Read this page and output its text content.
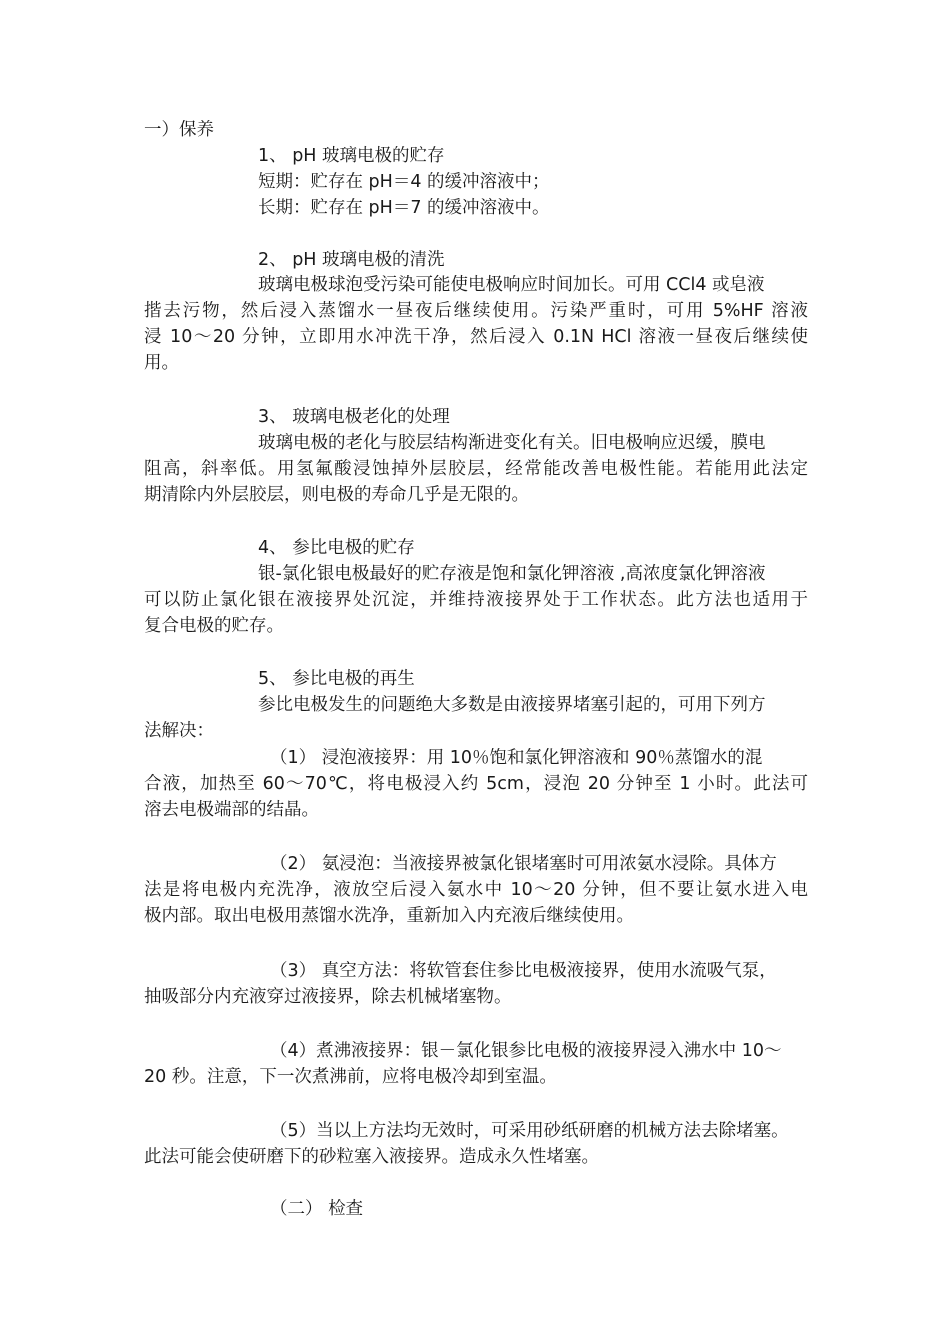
一）保养
1、 pH 玻璃电极的贮存
短期：贮存在 pH＝4 的缓冲溶液中；
长期：贮存在 pH＝7 的缓冲溶液中。
2、 pH 玻璃电极的清洗
玻璃电极球泡受污染可能使电极响应时间加长。可用 CCl4 或皂液
揩去污物，然后浸入蒸馏水一昼夜后继续使用。污染严重时，可用 5%HF 溶液
浸 10～20 分钟，立即用水冲洗干净，然后浸入 0.1N HCl 溶液一昼夜后继续使
用。
3、 玻璃电极老化的处理
玻璃电极的老化与胶层结构渐进变化有关。旧电极响应迟缓，膜电
阻高，斜率低。用氢氟酸浸蚀掉外层胶层，经常能改善电极性能。若能用此法定
期清除内外层胶层，则电极的寿命几乎是无限的。
4、 参比电极的贮存
银-氯化银电极最好的贮存液是饱和氯化钾溶液 ,高浓度氯化钾溶液
可以防止氯化银在液接界处沉淀，并维持液接界处于工作状态。此方法也适用于
复合电极的贮存。
5、 参比电极的再生
参比电极发生的问题绝大多数是由液接界堵塞引起的，可用下列方
法解决：
（1） 浸泡液接界：用 10％饱和氯化钾溶液和 90％蒸馏水的混
合液，加热至 60～70℃，将电极浸入约 5cm，浸泡 20 分钟至 1 小时。此法可
溶去电极端部的结晶。
（2） 氨浸泡：当液接界被氯化银堵塞时可用浓氨水浸除。具体方
法是将电极内充洗净，液放空后浸入氨水中 10～20 分钟，但不要让氨水进入电
极内部。取出电极用蒸馏水洗净，重新加入内充液后继续使用。
（3） 真空方法：将软管套住参比电极液接界，使用水流吸气泵，
抽吸部分内充液穿过液接界，除去机械堵塞物。
（4）煮沸液接界：银－氯化银参比电极的液接界浸入沸水中 10～
20 秒。注意，下一次煮沸前，应将电极冷却到室温。
（5）当以上方法均无效时，可采用砂纸研磨的机械方法去除堵塞。
此法可能会使研磨下的砂粒塞入液接界。造成永久性堵塞。
（二） 检查
